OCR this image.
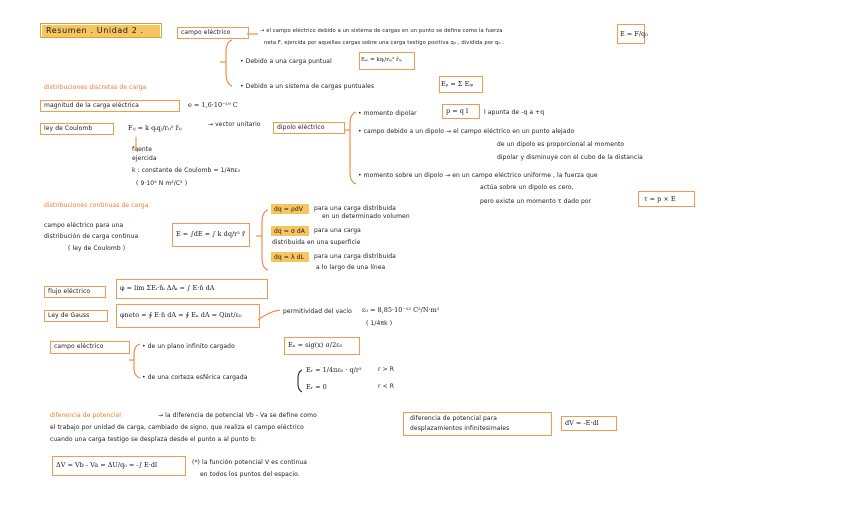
Resumen . Unidad 2 .	campo eléctrico	→ el campo eléctrico debido a un sistema de cargas en un punto se define como la fuerza
neta F, ejercida por aquellas cargas sobre una carga testigo positiva q₀ , dividida por q₀ .
E = F/q₀
• Debido a una carga puntual	Eᵢₚ = kqᵢ/rᵢₚ² r̂ᵢₚ
• Debido a un sistema de cargas puntuales	Eₚ = Σ Eᵢₚ
distribuciones discretas de carga
magnitud de la carga eléctrica	e = 1,6·10⁻¹⁹ C
ley de Coulomb	Fᵢⱼ = k qᵢqⱼ/rᵢⱼ² r̂ᵢⱼ	→ vector unitario
fuente
ejercida
k : constante de Coulomb = 1/4πε₀
( 9·10⁹ N m²/C² )
dipolo eléctrico
• momento dipolar	p = q l	l apunta de -q a +q
• campo debido a un dipolo → el campo eléctrico en un punto alejado
de un dipolo es proporcional al momento
dipolar y disminuye con el cubo de la distancia
• momento sobre un dipolo → en un campo eléctrico uniforme , la fuerza que
actúa sobre un dipolo es cero,
pero existe un momento τ dado por	τ = p × E
distribuciones continuas de carga
campo eléctrico para una
distribución de carga continua
( ley de Coulomb )
E = ∫dE = ∫ k dq/r² r̂
dq = ρdV para una carga distribuida
en un determinado volumen
dq = σ dA para una carga
distribuida en una superficie
dq = λ dL para una carga distribuida
a lo largo de una línea
flujo eléctrico	φ = lim ΣEᵢ·n̂ᵢ ΔAᵢ = ∫ E·n̂ dA
Ley de Gauss	φneto = ∮ E·n̂ dA = ∮ Eₙ dA = Qint/ε₀	permitividad del vacío ε₀ = 8,85·10⁻¹² C²/N·m²
( 1/4πk )
campo eléctrico	• de un plano infinito cargado	Eₓ = sig(x) σ/2ε₀
• de una corteza esférica cargada
Eᵣ = 1/4πε₀ · q/r²	r > R
Eᵣ = 0	r < R
diferencia de potencial	→ la diferencia de potencial Vb - Va se define como
el trabajo por unidad de carga, cambiado de signo, que realiza el campo eléctrico
cuando una carga testigo se desplaza desde el punto a al punto b:
ΔV = Vb - Va = ΔU/q₀ = -∫ E·dl	(*) la función potencial V es continua
en todos los puntos del espacio.
diferencia de potencial para
desplazamientos infinitesimales
dV = -E·dl
